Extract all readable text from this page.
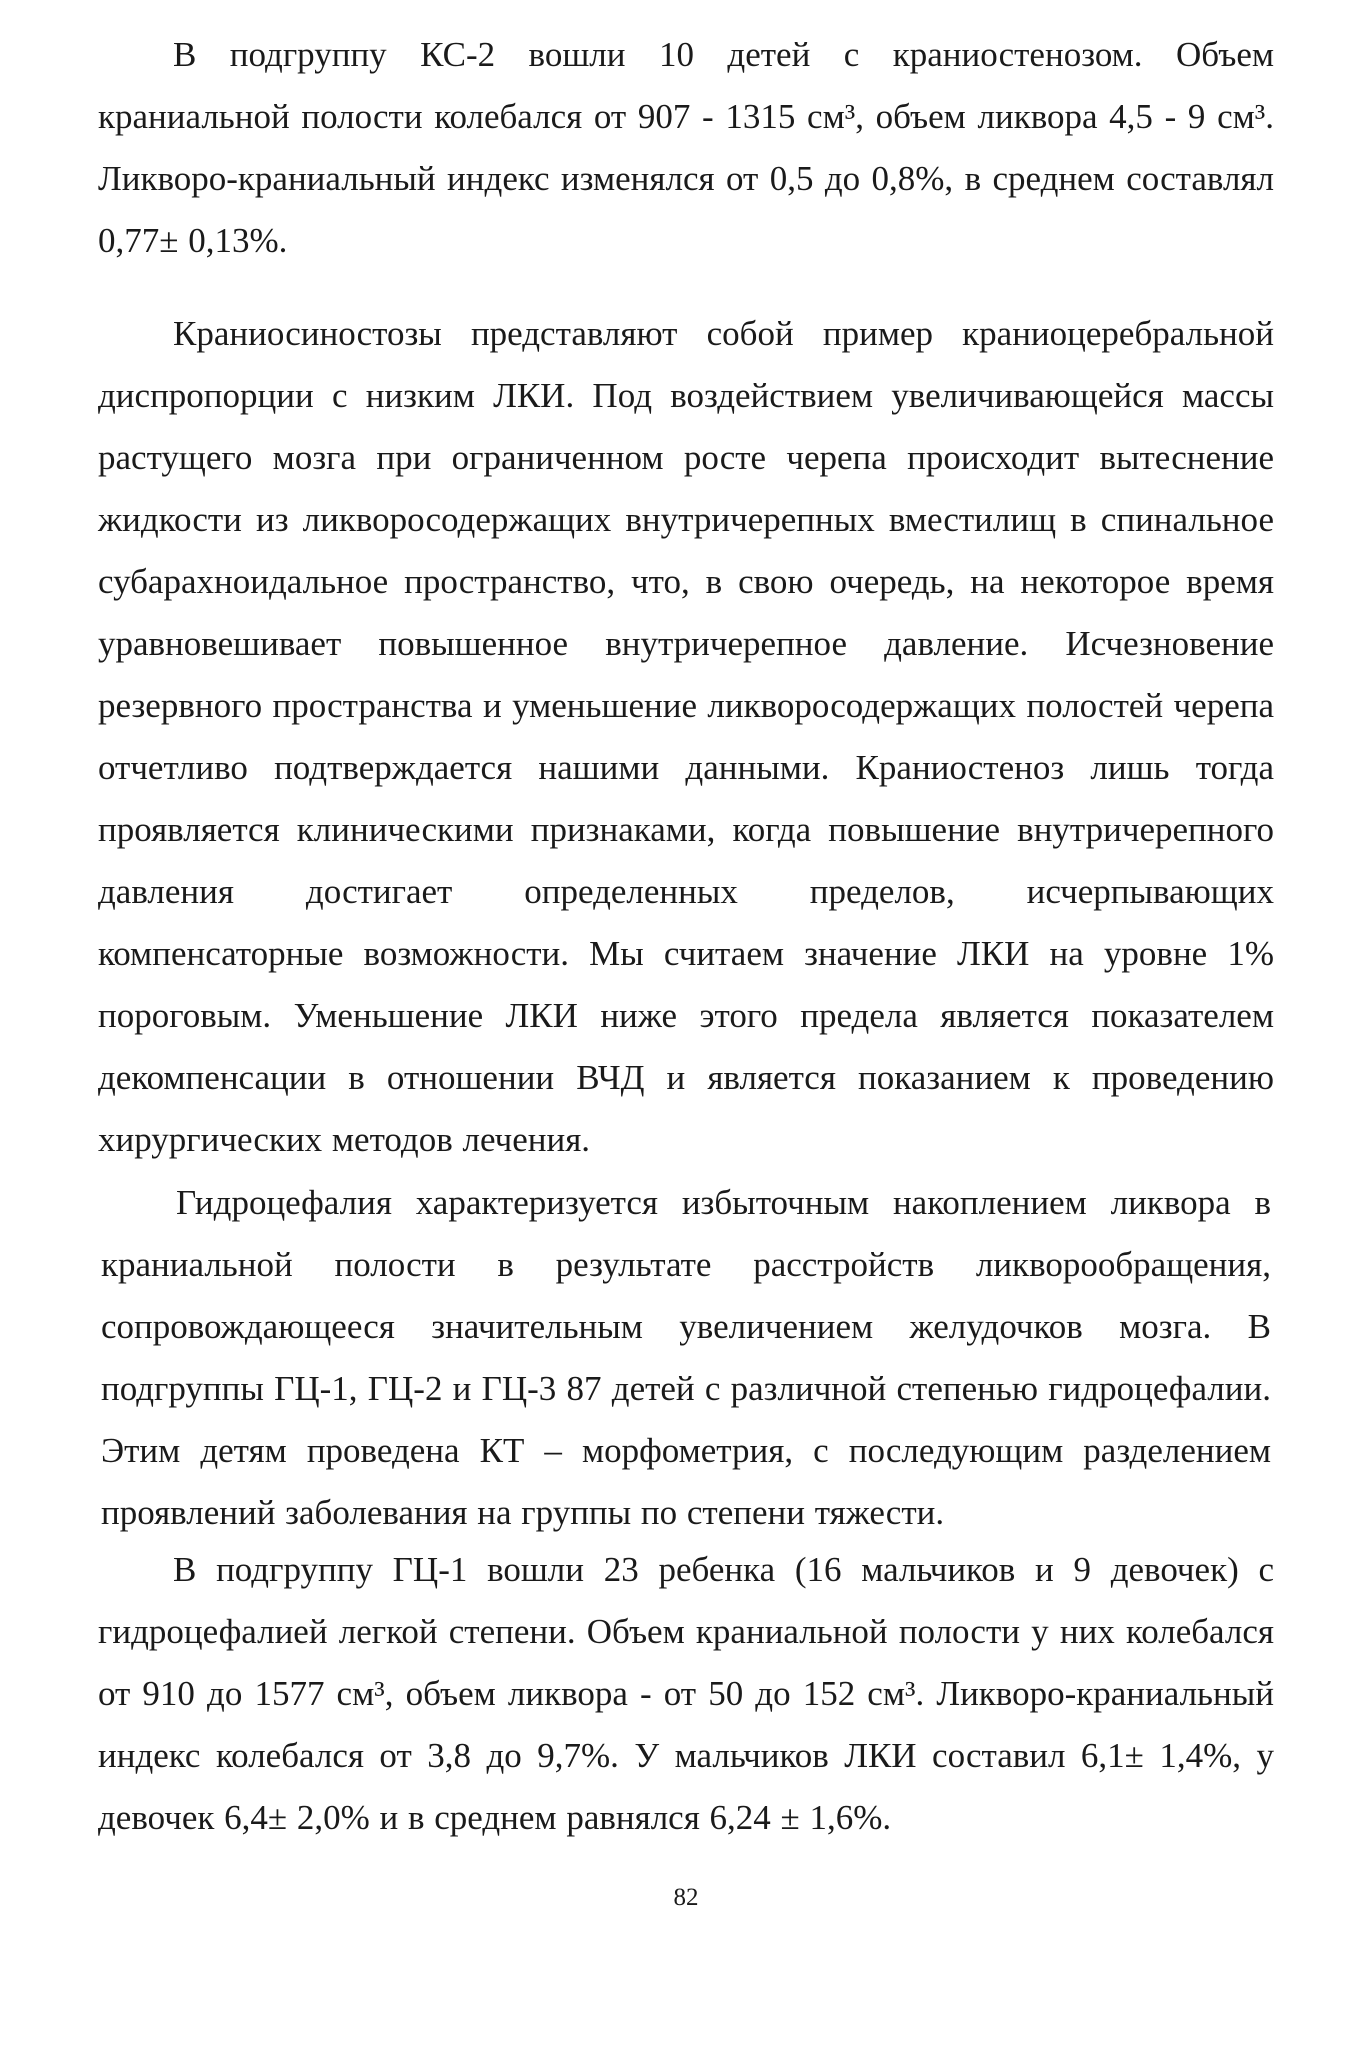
В подгруппу КС-2 вошли 10 детей с краниостенозом. Объем краниальной полости колебался от 907 - 1315 см³, объем ликвора 4,5 - 9 см³. Ликворо-краниальный индекс изменялся от 0,5 до 0,8%, в среднем составлял 0,77± 0,13%.

Краниосиностозы представляют собой пример краниоцеребральной диспропорции с низким ЛКИ. Под воздействием увеличивающейся массы растущего мозга при ограниченном росте черепа происходит вытеснение жидкости из ликворосодержащих внутричерепных вместилищ в спинальное субарахноидальное пространство, что, в свою очередь, на некоторое время уравновешивает повышенное внутричерепное давление. Исчезновение резервного пространства и уменьшение ликворосодержащих полостей черепа отчетливо подтверждается нашими данными. Краниостеноз лишь тогда проявляется клиническими признаками, когда повышение внутричерепного давления достигает определенных пределов, исчерпывающих компенсаторные возможности. Мы считаем значение ЛКИ на уровне 1% пороговым. Уменьшение ЛКИ ниже этого предела является показателем декомпенсации в отношении ВЧД и является показанием к проведению хирургических методов лечения.

Гидроцефалия характеризуется избыточным накоплением ликвора в краниальной полости в результате расстройств ликворообращения, сопровождающееся значительным увеличением желудочков мозга. В подгруппы ГЦ-1, ГЦ-2 и ГЦ-3 87 детей с различной степенью гидроцефалии. Этим детям проведена КТ – морфометрия, с последующим разделением проявлений заболевания на группы по степени тяжести.

В подгруппу ГЦ-1 вошли 23 ребенка (16 мальчиков и 9 девочек) с гидроцефалией легкой степени. Объем краниальной полости у них колебался от 910 до 1577 см³, объем ликвора - от 50 до 152 см³. Ликворо-краниальный индекс колебался от 3,8 до 9,7%. У мальчиков ЛКИ составил 6,1± 1,4%, у девочек 6,4± 2,0% и в среднем равнялся 6,24 ± 1,6%.

82
